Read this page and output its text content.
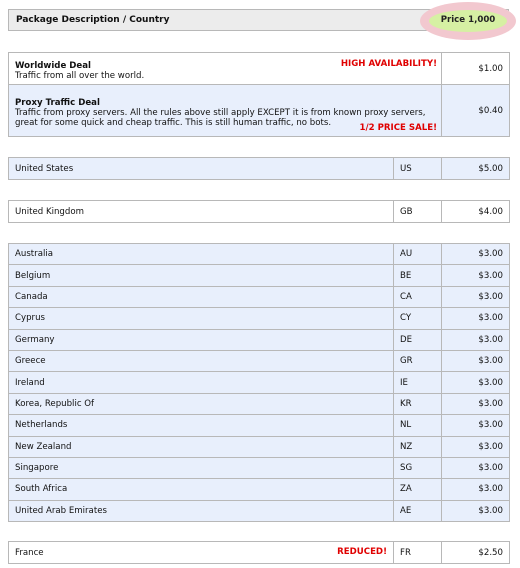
Package Description / Country	Price 1,000
Worldwide Deal
Traffic from all over the world.
HIGH AVAILABILITY!	$1.00

Proxy Traffic Deal
Traffic from proxy servers. All the rules above still apply EXCEPT it is from known proxy servers, great for some quick and cheap traffic. This is still human traffic, no bots. 1/2 PRICE SALE!	$0.40
United States	US	$5.00
United Kingdom	GB	$4.00
Australia	AU	$3.00
Belgium	BE	$3.00
Canada	CA	$3.00
Cyprus	CY	$3.00
Germany	DE	$3.00
Greece	GR	$3.00
Ireland	IE	$3.00
Korea, Republic Of	KR	$3.00
Netherlands	NL	$3.00
New Zealand	NZ	$3.00
Singapore	SG	$3.00
South Africa	ZA	$3.00
United Arab Emirates	AE	$3.00
France	REDUCED!	FR	$2.50
